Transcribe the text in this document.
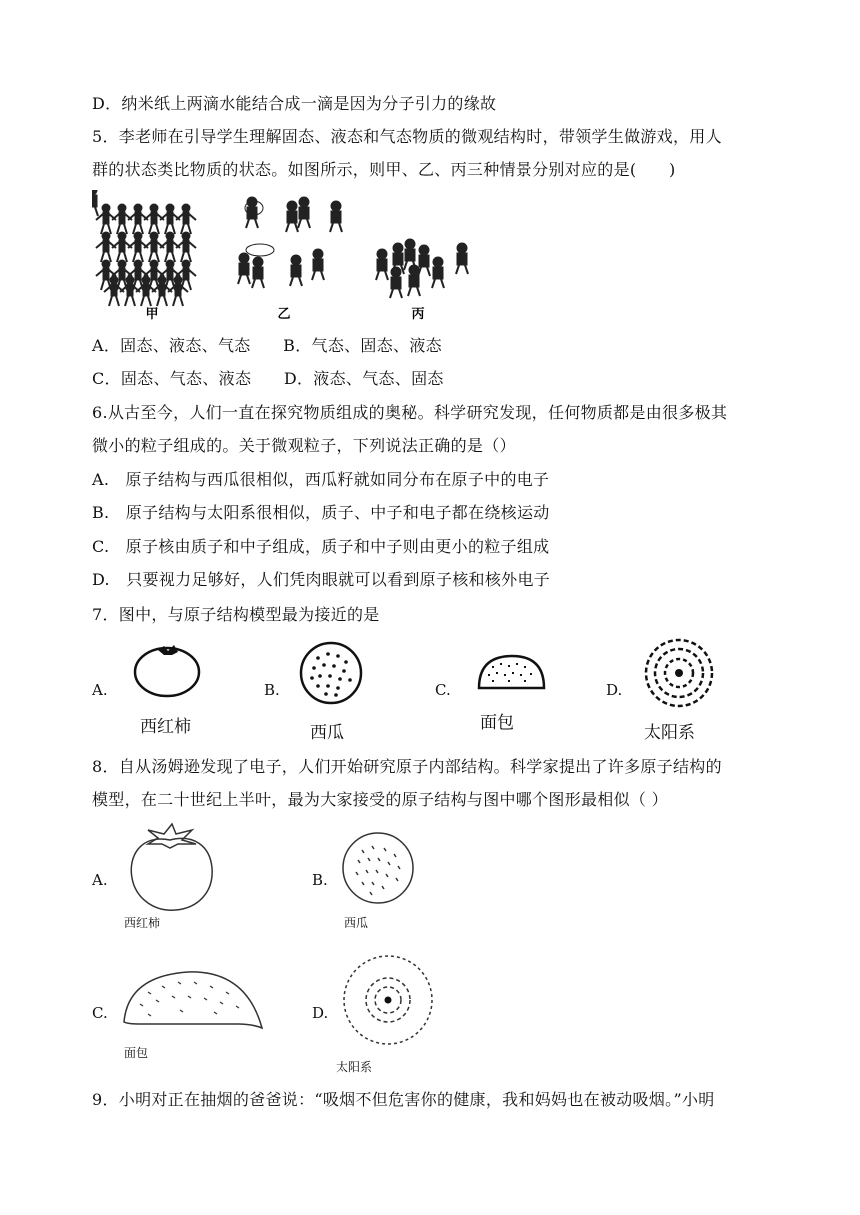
D．纳米纸上两滴水能结合成一滴是因为分子引力的缘故
5．李老师在引导学生理解固态、液态和气态物质的微观结构时，带领学生做游戏，用人
群的状态类比物质的状态。如图所示，则甲、乙、丙三种情景分别对应的是(　　)
甲	乙	丙
A．固态、液态、气态　　B．气态、固态、液态
C．固态、气态、液态　　D．液态、气态、固态
6.从古至今，人们一直在探究物质组成的奥秘。科学研究发现，任何物质都是由很多极其
微小的粒子组成的。关于微观粒子，下列说法正确的是（）
A.　原子结构与西瓜很相似，西瓜籽就如同分布在原子中的电子
B.　原子结构与太阳系很相似，质子、中子和电子都在绕核运动
C.　原子核由质子和中子组成，质子和中子则由更小的粒子组成
D.　只要视力足够好，人们凭肉眼就可以看到原子核和核外电子
7．图中，与原子结构模型最为接近的是
A.	B.	C.	D.
西红柿	西瓜	面包	太阳系
8．自从汤姆逊发现了电子，人们开始研究原子内部结构。科学家提出了许多原子结构的
模型，在二十世纪上半叶，最为大家接受的原子结构与图中哪个图形最相似（ ）
A.	B.
C.	D.
西红柿	西瓜
面包
太阳系
9．小明对正在抽烟的爸爸说：“吸烟不但危害你的健康，我和妈妈也在被动吸烟。”小明
